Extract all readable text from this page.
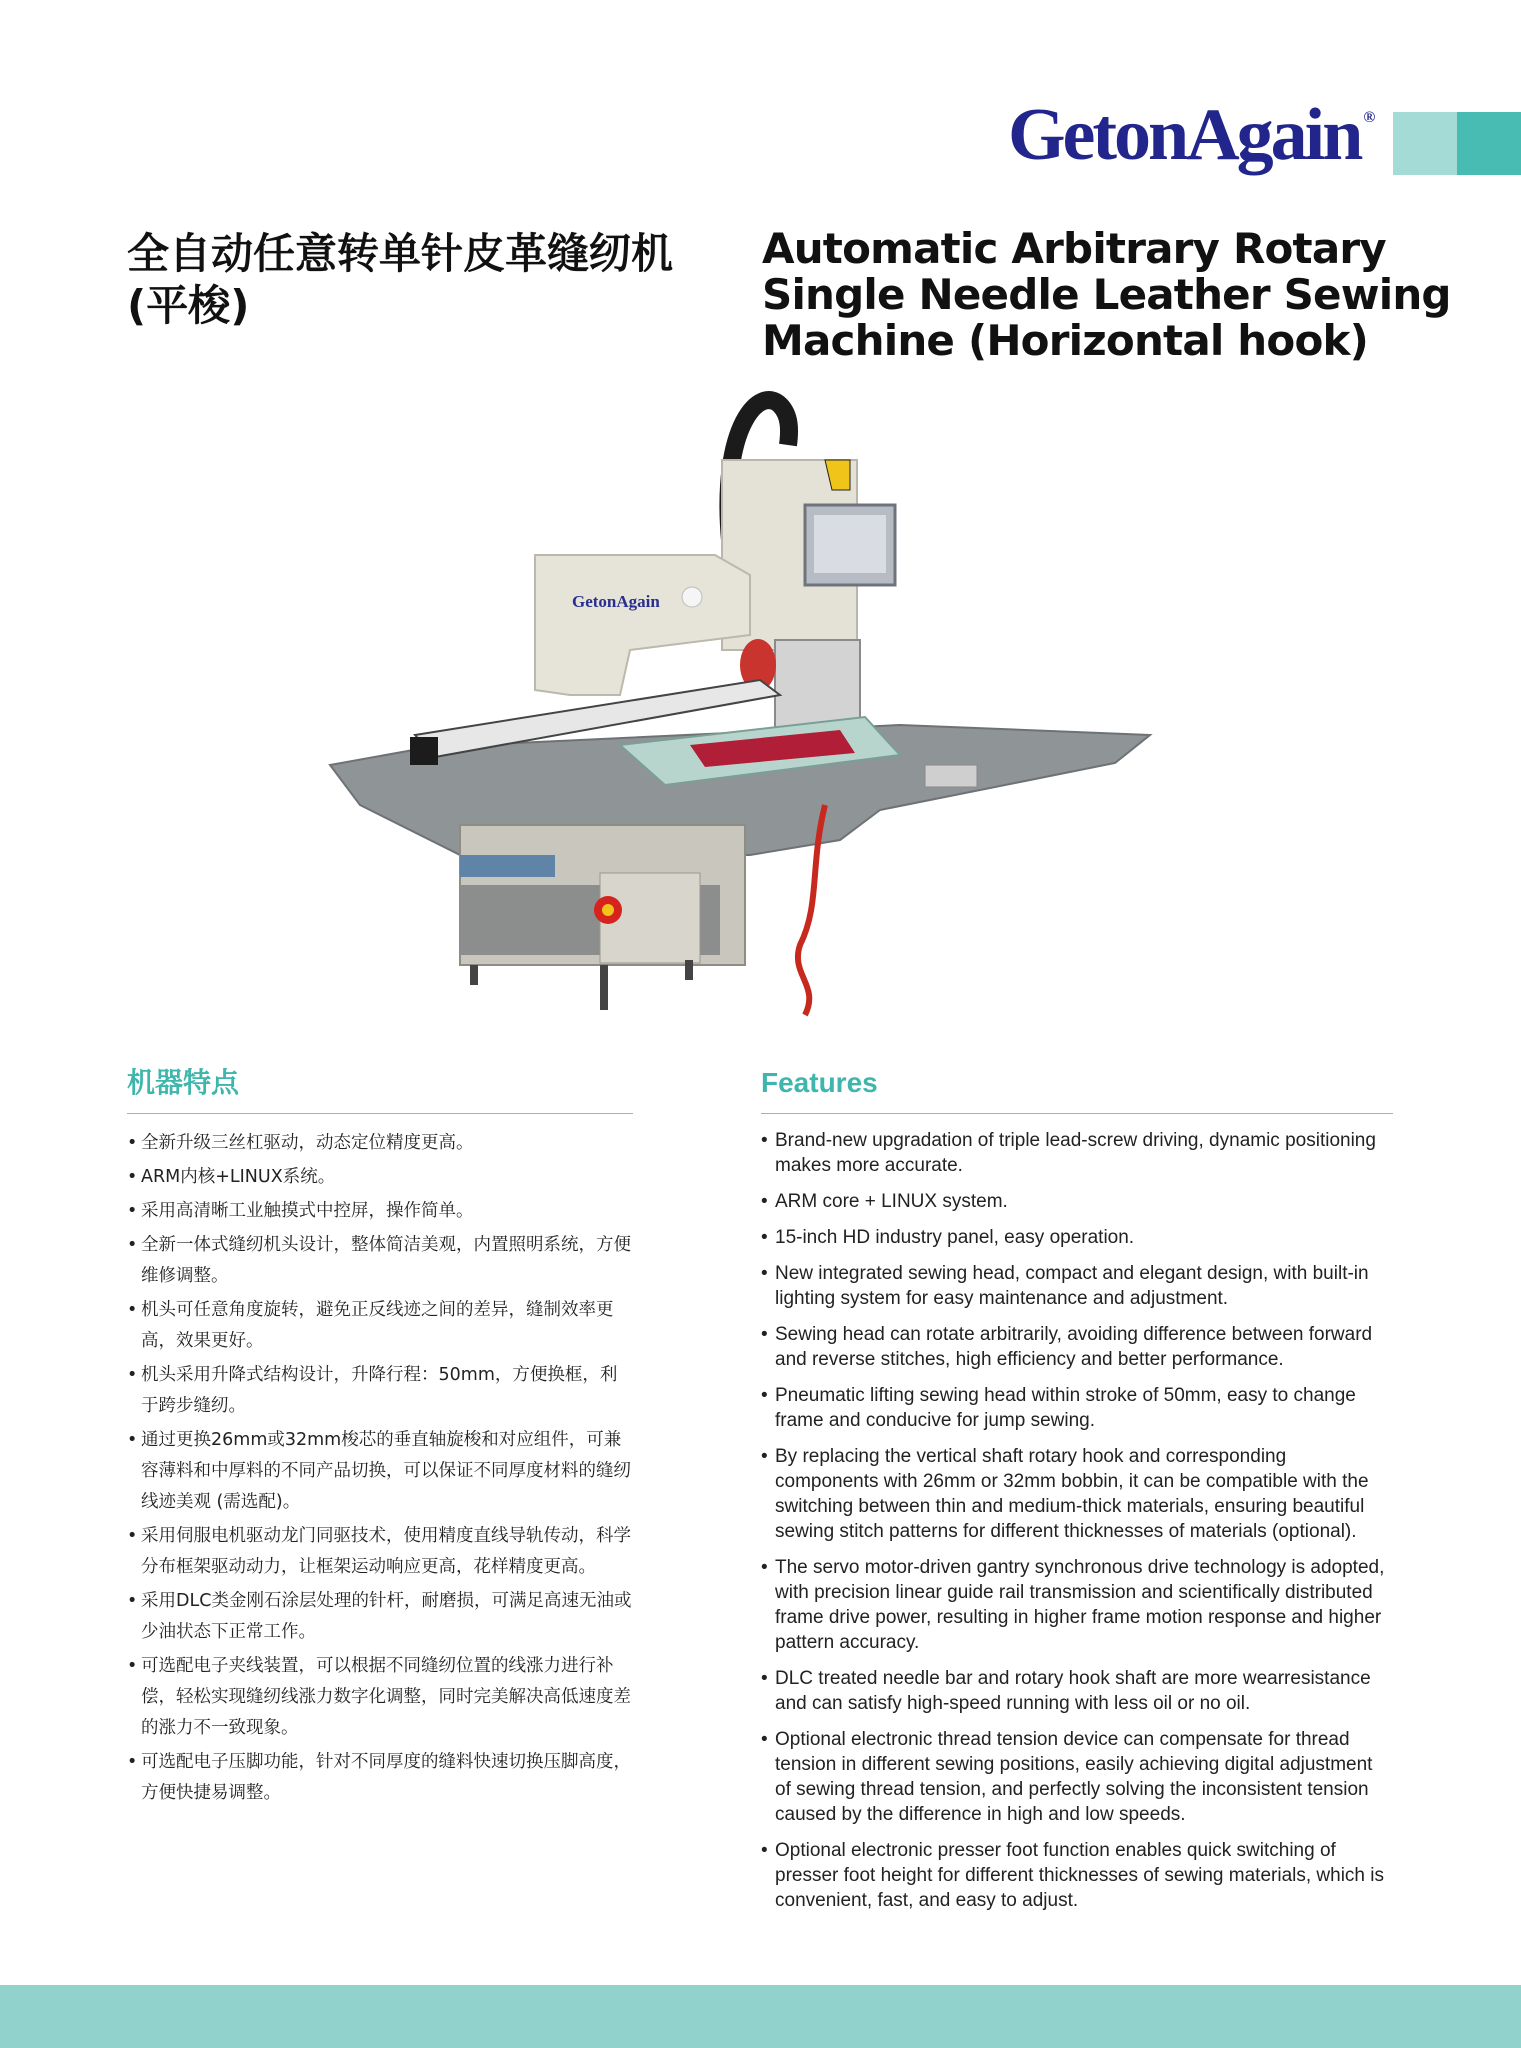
GetonAgain ®
全自动任意转单针皮革缝纫机
(平梭)
Automatic Arbitrary Rotary
Single Needle Leather Sewing
Machine (Horizontal hook)
GetonAgain
机器特点
• 全新升级三丝杠驱动，动态定位精度更高。
• ARM内核+LINUX系统。
• 采用高清晰工业触摸式中控屏，操作简单。
• 全新一体式缝纫机头设计，整体简洁美观，内置照明系统，方便维修调整。
• 机头可任意角度旋转，避免正反线迹之间的差异，缝制效率更高，效果更好。
• 机头采用升降式结构设计，升降行程：50mm，方便换框，利于跨步缝纫。
• 通过更换26mm或32mm梭芯的垂直轴旋梭和对应组件，可兼容薄料和中厚料的不同产品切换，可以保证不同厚度材料的缝纫线迹美观 (需选配)。
• 采用伺服电机驱动龙门同驱技术，使用精度直线导轨传动，科学分布框架驱动动力，让框架运动响应更高，花样精度更高。
• 采用DLC类金刚石涂层处理的针杆，耐磨损，可满足高速无油或少油状态下正常工作。
• 可选配电子夹线装置，可以根据不同缝纫位置的线涨力进行补偿，轻松实现缝纫线涨力数字化调整，同时完美解决高低速度差的涨力不一致现象。
• 可选配电子压脚功能，针对不同厚度的缝料快速切换压脚高度，方便快捷易调整。
Features
• Brand-new upgradation of triple lead-screw driving, dynamic positioning makes more accurate.
• ARM core + LINUX system.
• 15-inch HD industry panel, easy operation.
• New integrated sewing head, compact and elegant design, with built-in lighting system for easy maintenance and adjustment.
• Sewing head can rotate arbitrarily, avoiding difference between forward and reverse stitches, high efficiency and better performance.
• Pneumatic lifting sewing head within stroke of 50mm, easy to change frame and conducive for jump sewing.
• By replacing the vertical shaft rotary hook and corresponding components with 26mm or 32mm bobbin, it can be compatible with the switching between thin and medium-thick materials, ensuring beautiful sewing stitch patterns for different thicknesses of materials (optional).
• The servo motor-driven gantry synchronous drive technology is adopted, with precision linear guide rail transmission and scientifically distributed frame drive power, resulting in higher frame motion response and higher pattern accuracy.
• DLC treated needle bar and rotary hook shaft are more wearresistance and can satisfy high-speed running with less oil or no oil.
• Optional electronic thread tension device can compensate for thread tension in different sewing positions, easily achieving digital adjustment of sewing thread tension, and perfectly solving the inconsistent tension caused by the difference in high and low speeds.
• Optional electronic presser foot function enables quick switching of presser foot height for different thicknesses of sewing materials, which is convenient, fast, and easy to adjust.
